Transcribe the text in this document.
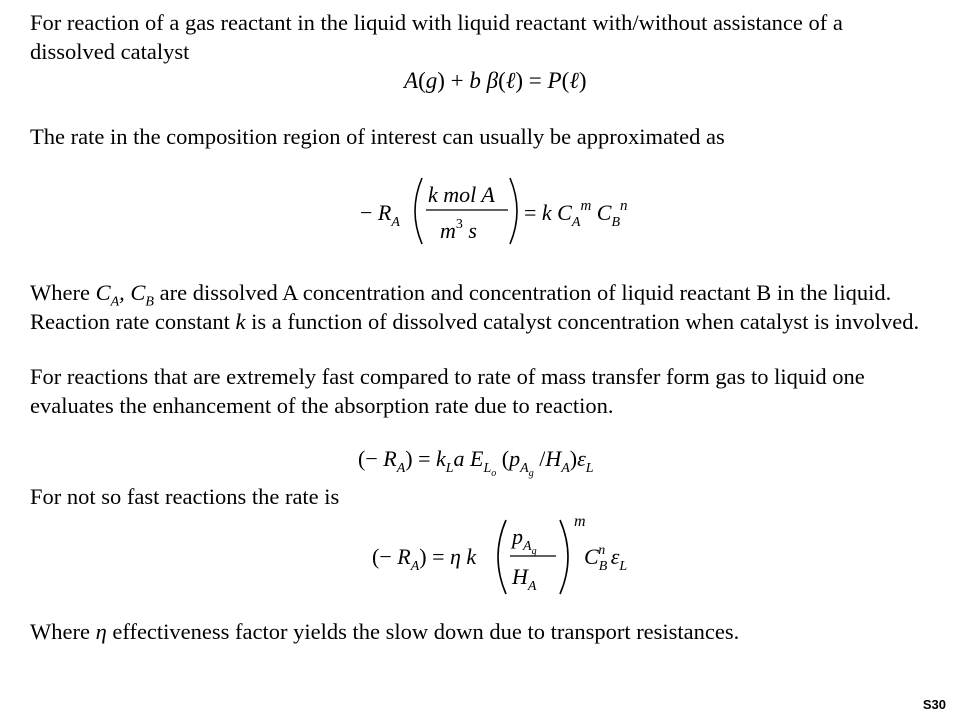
For reaction of a gas reactant in the liquid with liquid reactant with/without assistance of a

dissolved catalyst

A(g) + b β(ℓ) = P(ℓ)

The rate in the composition region of interest can usually be approximated as

− $R_A$
k mol A
$m^3$ s
= k $C_A^m$ $C_B^n$

Where $C_A$, $C_B$ are dissolved A concentration and concentration of liquid reactant B in the liquid.

Reaction rate constant k is a function of dissolved catalyst concentration when catalyst is involved.

For reactions that are extremely fast compared to rate of mass transfer form gas to liquid one

evaluates the enhancement of the absorption rate due to reaction.

(− $R_A) = k_La$ $E_Lo$ ($p_Ag$ $/H_A)\varepsilon_L$

For not so fast reactions the rate is

(− $R_A) = \eta$ k
$p_Ag$
$H_A$
m
$C_Bn$ $\varepsilon_L$

Where η effectiveness factor yields the slow down due to transport resistances.

S30
